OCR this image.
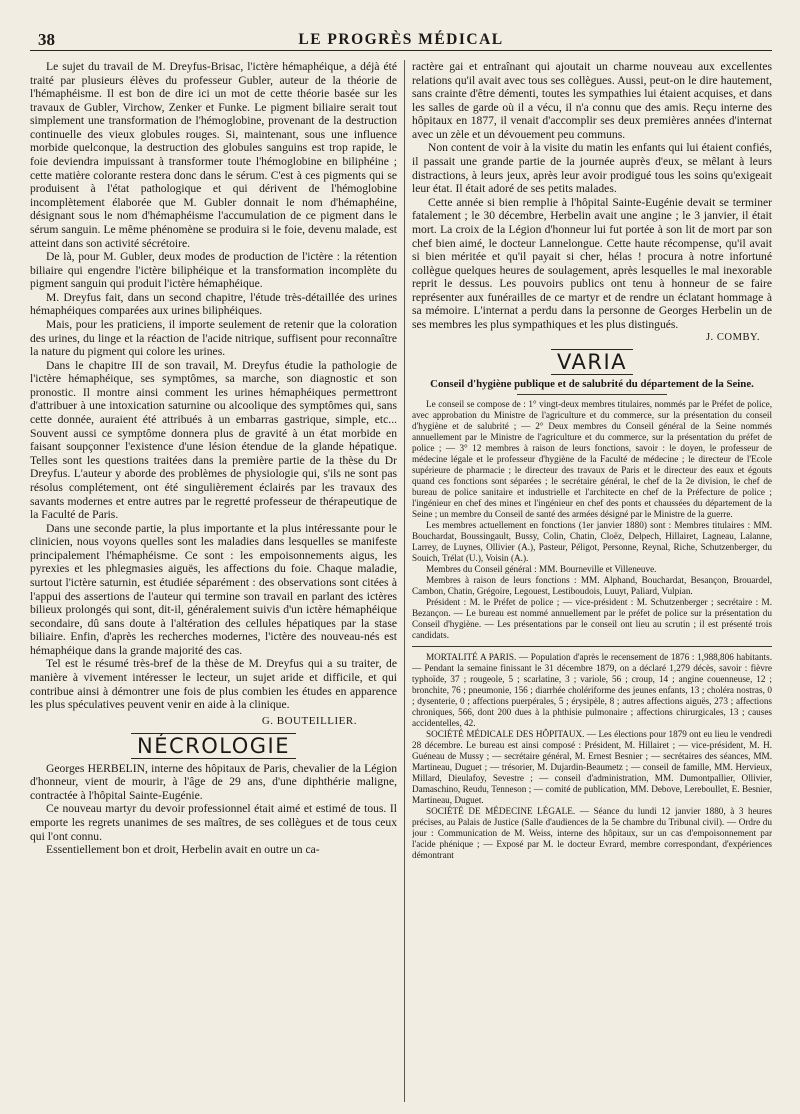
38	LE PROGRÈS MÉDICAL

Le sujet du travail de M. Dreyfus-Brisac, l'ictère hémaphéique, a déjà été traité par plusieurs élèves du professeur Gubler, auteur de la théorie de l'hémaphéisme. Il est bon de dire ici un mot de cette théorie basée sur les travaux de Gubler, Virchow, Zenker et Funke. Le pigment biliaire serait tout simplement une transformation de l'hémoglobine, provenant de la destruction continuelle des vieux globules rouges. Si, maintenant, sous une influence morbide quelconque, la destruction des globules sanguins est trop rapide, le foie deviendra impuissant à transformer toute l'hémoglobine en biliphéine ; cette matière colorante restera donc dans le sérum. C'est à ces pigments qui se produisent à l'état pathologique et qui dérivent de l'hémoglobine incomplètement élaborée que M. Gubler donnait le nom d'hémaphéine, désignant sous le nom d'hémaphéisme l'accumulation de ce pigment dans le sérum sanguin. Le même phénomène se produira si le foie, devenu malade, est atteint dans son activité sécrétoire.

De là, pour M. Gubler, deux modes de production de l'ictère : la rétention biliaire qui engendre l'ictère biliphéique et la transformation incomplète du pigment sanguin qui produit l'ictère hémaphéique.

M. Dreyfus fait, dans un second chapitre, l'étude très-détaillée des urines hémaphéiques comparées aux urines biliphéiques.

Mais, pour les praticiens, il importe seulement de retenir que la coloration des urines, du linge et la réaction de l'acide nitrique, suffisent pour reconnaître la nature du pigment qui colore les urines.

Dans le chapitre III de son travail, M. Dreyfus étudie la pathologie de l'ictère hémaphéique, ses symptômes, sa marche, son diagnostic et son pronostic. Il montre ainsi comment les urines hémaphéiques permettront d'attribuer à une intoxication saturnine ou alcoolique des symptômes qui, sans cette donnée, auraient été attribués à un embarras gastrique, simple, etc... Souvent aussi ce symptôme donnera plus de gravité à un état morbide en faisant soupçonner l'existence d'une lésion étendue de la glande hépatique. Telles sont les questions traitées dans la première partie de la thèse du Dr Dreyfus. L'auteur y aborde des problèmes de physiologie qui, s'ils ne sont pas résolus complétement, ont été singulièrement éclairés par les travaux des savants modernes et entre autres par le regretté professeur de thérapeutique de la Faculté de Paris.

Dans une seconde partie, la plus importante et la plus intéressante pour le clinicien, nous voyons quelles sont les maladies dans lesquelles se manifeste principalement l'hémaphéisme. Ce sont : les empoisonnements aigus, les pyrexies et les phlegmasies aiguës, les affections du foie. Chaque maladie, surtout l'ictère saturnin, est étudiée séparément : des observations sont citées à l'appui des assertions de l'auteur qui termine son travail en parlant des ictères bilieux prolongés qui sont, dit-il, généralement suivis d'un ictère hémaphéique secondaire, dû sans doute à l'altération des cellules hépatiques par la stase biliaire. Enfin, d'après les recherches modernes, l'ictère des nouveau-nés est hémaphéique dans la grande majorité des cas.

Tel est le résumé très-bref de la thèse de M. Dreyfus qui a su traiter, de manière à vivement intéresser le lecteur, un sujet aride et difficile, et qui contribue ainsi à démontrer une fois de plus combien les études en apparence les plus spéculatives peuvent venir en aide à la clinique.

G. BOUTEILLIER.
NÉCROLOGIE

Georges HERBELIN, interne des hôpitaux de Paris, chevalier de la Légion d'honneur, vient de mourir, à l'âge de 29 ans, d'une diphthérie maligne, contractée à l'hôpital Sainte-Eugénie.

Ce nouveau martyr du devoir professionnel était aimé et estimé de tous. Il emporte les regrets unanimes de ses maîtres, de ses collègues et de tous ceux qui l'ont connu.

Essentiellement bon et droit, Herbelin avait en outre un ca-

ractère gai et entraînant qui ajoutait un charme nouveau aux excellentes relations qu'il avait avec tous ses collègues. Aussi, peut-on le dire hautement, sans crainte d'être démenti, toutes les sympathies lui étaient acquises, et dans les salles de garde où il a vécu, il n'a connu que des amis. Reçu interne des hôpitaux en 1877, il venait d'accomplir ses deux premières années d'internat avec un zèle et un dévouement peu communs.

Non content de voir à la visite du matin les enfants qui lui étaient confiés, il passait une grande partie de la journée auprès d'eux, se mêlant à leurs distractions, à leurs jeux, après leur avoir prodigué tous les soins qu'exigeait leur état. Il était adoré de ses petits malades.

Cette année si bien remplie à l'hôpital Sainte-Eugénie devait se terminer fatalement ; le 30 décembre, Herbelin avait une angine ; le 3 janvier, il était mort. La croix de la Légion d'honneur lui fut portée à son lit de mort par son chef bien aimé, le docteur Lannelongue. Cette haute récompense, qu'il avait si bien méritée et qu'il payait si cher, hélas ! procura à notre infortuné collègue quelques heures de soulagement, après lesquelles le mal inexorable reprit le dessus. Les pouvoirs publics ont tenu à honneur de se faire représenter aux funérailles de ce martyr et de rendre un éclatant hommage à sa mémoire. L'internat a perdu dans la personne de Georges Herbelin un de ses membres les plus sympathiques et les plus distingués.

J. COMBY.
VARIA
Conseil d'hygiène publique et de salubrité du département de la Seine.

Le conseil se compose de : 1° vingt-deux membres titulaires, nommés par le Préfet de police, avec approbation du Ministre de l'agriculture et du commerce, sur la présentation du conseil d'hygiène et de salubrité ; — 2° Deux membres du Conseil général de la Seine nommés annuellement par le Ministre de l'agriculture et du commerce, sur la présentation du préfet de police ; — 3° 12 membres à raison de leurs fonctions, savoir : le doyen, le professeur de médecine légale et le professeur d'hygiène de la Faculté de médecine ; le directeur de l'Ecole supérieure de pharmacie ; le directeur des travaux de Paris et le directeur des eaux et égouts quand ces fonctions sont séparées ; le secrétaire général, le chef de la 2e division, le chef de bureau de police sanitaire et industrielle et l'architecte en chef de la Préfecture de police ; l'ingénieur en chef des mines et l'ingénieur en chef des ponts et chaussées du département de la Seine ; un membre du Conseil de santé des armées désigné par le Ministre de la guerre.

Les membres actuellement en fonctions (1er janvier 1880) sont : Membres titulaires : MM. Bouchardat, Boussingault, Bussy, Colin, Chatin, Cloëz, Delpech, Hillairet, Lagneau, Lalanne, Larrey, de Luynes, Ollivier (A.), Pasteur, Péligot, Personne, Reynal, Riche, Schutzenberger, du Souich, Trélat (U.), Voisin (A.).

Membres du Conseil général : MM. Bourneville et Villeneuve.

Membres à raison de leurs fonctions : MM. Alphand, Bouchardat, Besançon, Brouardel, Cambon, Chatin, Grégoire, Legouest, Lestiboudois, Luuyt, Paliard, Vulpian.

Président : M. le Préfet de police ; — vice-président : M. Schutzenberger ; secrétaire : M. Bezançon. — Le bureau est nommé annuellement par le préfet de police sur la présentation du Conseil d'hygiène. — Les présentations par le conseil ont lieu au scrutin ; il est présenté trois candidats.

MORTALITÉ A PARIS. — Population d'après le recensement de 1876 : 1,988,806 habitants. — Pendant la semaine finissant le 31 décembre 1879, on a déclaré 1,279 décès, savoir : fièvre typhoïde, 37 ; rougeole, 5 ; scarlatine, 3 ; variole, 56 ; croup, 14 ; angine couenneuse, 12 ; bronchite, 76 ; pneumonie, 156 ; diarrhée cholériforme des jeunes enfants, 13 ; choléra nostras, 0 ; dysenterie, 0 ; affections puerpérales, 5 ; érysipèle, 8 ; autres affections aiguës, 273 ; affections chroniques, 566, dont 200 dues à la phthisie pulmonaire ; affections chirurgicales, 13 ; causes accidentelles, 42.

SOCIÉTÉ MÉDICALE DES HÔPITAUX. — Les élections pour 1879 ont eu lieu le vendredi 28 décembre. Le bureau est ainsi composé : Président, M. Hillairet ; — vice-président, M. H. Guéneau de Mussy ; — secrétaire général, M. Ernest Besnier ; — secrétaires des séances, MM. Martineau, Duguet ; — trésorier, M. Dujardin-Beaumetz ; — conseil de famille, MM. Hervieux, Millard, Dieulafoy, Sevestre ; — conseil d'administration, MM. Dumontpallier, Ollivier, Damaschino, Reudu, Tenneson ; — comité de publication, MM. Debove, Lereboullet, E. Besnier, Martineau, Duguet.

SOCIÉTÉ DE MÉDECINE LÉGALE. — Séance du lundi 12 janvier 1880, à 3 heures précises, au Palais de Justice (Salle d'audiences de la 5e chambre du Tribunal civil). — Ordre du jour : Communication de M. Weiss, interne des hôpitaux, sur un cas d'empoisonnement par l'acide phénique ; — Exposé par M. le docteur Evrard, membre correspondant, d'expériences démontrant
